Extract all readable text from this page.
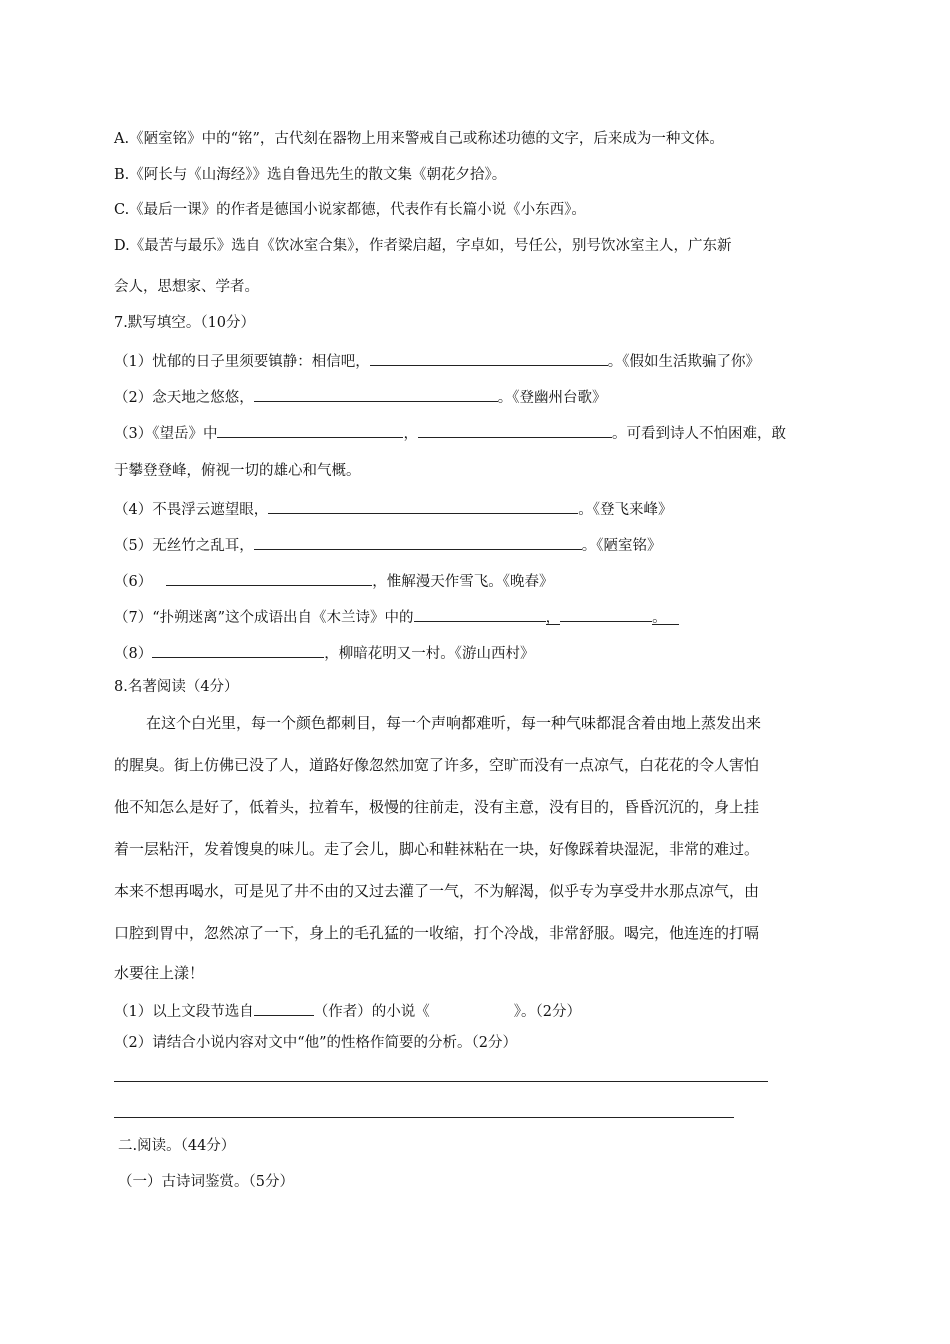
A.《陋室铭》中的“铭”，古代刻在器物上用来警戒自己或称述功德的文字，后来成为一种文体。
B.《阿长与《山海经》》选自鲁迅先生的散文集《朝花夕拾》。
C.《最后一课》的作者是德国小说家都德，代表作有长篇小说《小东西》。
D.《最苦与最乐》选自《饮冰室合集》，作者梁启超，字卓如，号任公，别号饮冰室主人，广东新
会人，思想家、学者。
7.默写填空。（10分）
（1）忧郁的日子里须要镇静：相信吧，	。《假如生活欺骗了你》
（2）念天地之悠悠，	。《登幽州台歌》
（3）《望岳》中	，	。可看到诗人不怕困难，敢
于攀登登峰，俯视一切的雄心和气概。
（4）不畏浮云遮望眼，	。《登飞来峰》
（5）无丝竹之乱耳，	。《陋室铭》
（6）	，惟解漫天作雪飞。《晚春》
（7）“扑朔迷离”这个成语出自《木兰诗》中的	，	。
（8）	，柳暗花明又一村。《游山西村》
8.名著阅读（4分）
在这个白光里，每一个颜色都刺目，每一个声响都难听，每一种气味都混含着由地上蒸发出来
的腥臭。街上仿佛已没了人，道路好像忽然加宽了许多，空旷而没有一点凉气，白花花的令人害怕
他不知怎么是好了，低着头，拉着车，极慢的往前走，没有主意，没有目的，昏昏沉沉的，身上挂
着一层粘汗，发着馊臭的味儿。走了会儿，脚心和鞋袜粘在一块，好像踩着块湿泥，非常的难过。
本来不想再喝水，可是见了井不由的又过去灌了一气，不为解渴，似乎专为享受井水那点凉气，由
口腔到胃中，忽然凉了一下，身上的毛孔猛的一收缩，打个冷战，非常舒服。喝完，他连连的打嗝
水要往上漾！
（1）以上文段节选自	（作者）的小说《	》。（2分）
（2）请结合小说内容对文中“他”的性格作简要的分析。（2分）
二.阅读。（44分）
（一）古诗词鉴赏。（5分）
